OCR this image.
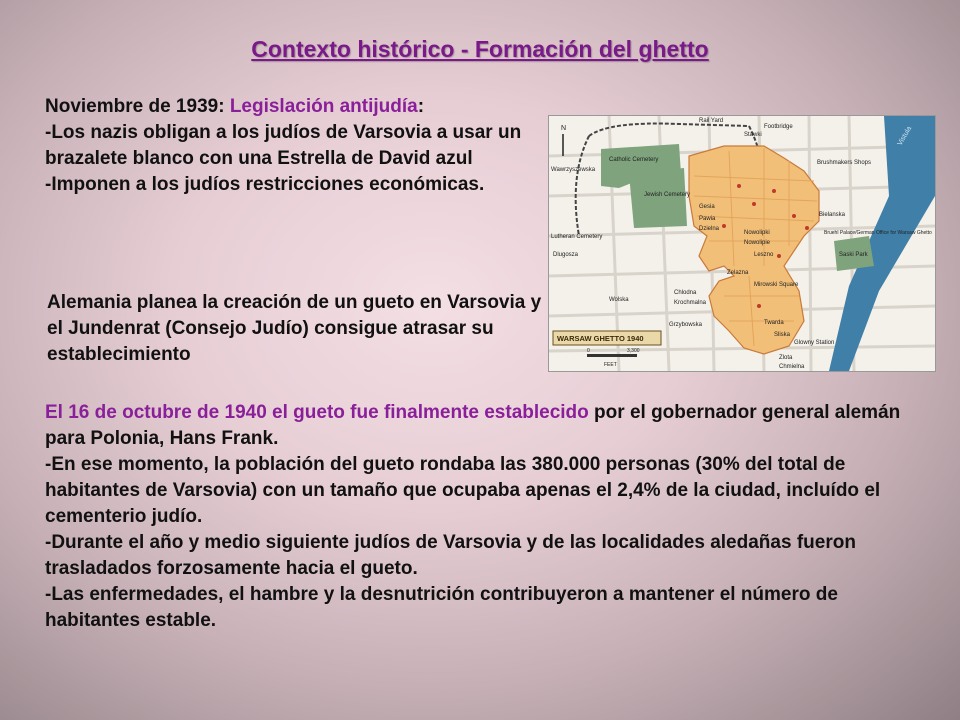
Contexto histórico - Formación del ghetto
Noviembre de 1939: Legislación antijudía:
-Los nazis obligan a los judíos de Varsovia a usar un brazalete blanco con una Estrella de David azul
-Imponen a los judíos restricciones económicas.
Alemania planea la creación de un gueto en Varsovia y el Jundenrat (Consejo Judío) consigue atrasar su establecimiento
Vistula
Rail Yard
Footbridge
Stawki
Catholic Cemetery	Brushmakers Shops
Jewish Cemetery
Wawrzyszewska
Lutheran Cemetery
Dlugosza
Gesia
Pawia
Dzielna
Nowolipki
Nowolipie
Leszno
Zelazna
Bielanska
Bruehl Palace/German Office for Warsaw Ghetto
Saski Park
Mirowski Square
Chlodna
Krochmalna
Wolska
Grzybowska	Twarda
Sliska
Glowny Station
Zlota
Chmielna
N
WARSAW GHETTO 1940
0	3,300
FEET
El 16 de octubre de 1940 el gueto fue finalmente establecido por el gobernador general alemán para Polonia, Hans Frank.
-En ese momento, la población del gueto rondaba las 380.000 personas (30% del total de habitantes de Varsovia) con un tamaño que ocupaba apenas el 2,4% de la ciudad, incluído el cementerio judío.
-Durante el año y medio siguiente judíos de Varsovia y de las localidades aledañas fueron trasladados forzosamente hacia el gueto.
-Las enfermedades, el hambre y la desnutrición contribuyeron a mantener el número de habitantes estable.
